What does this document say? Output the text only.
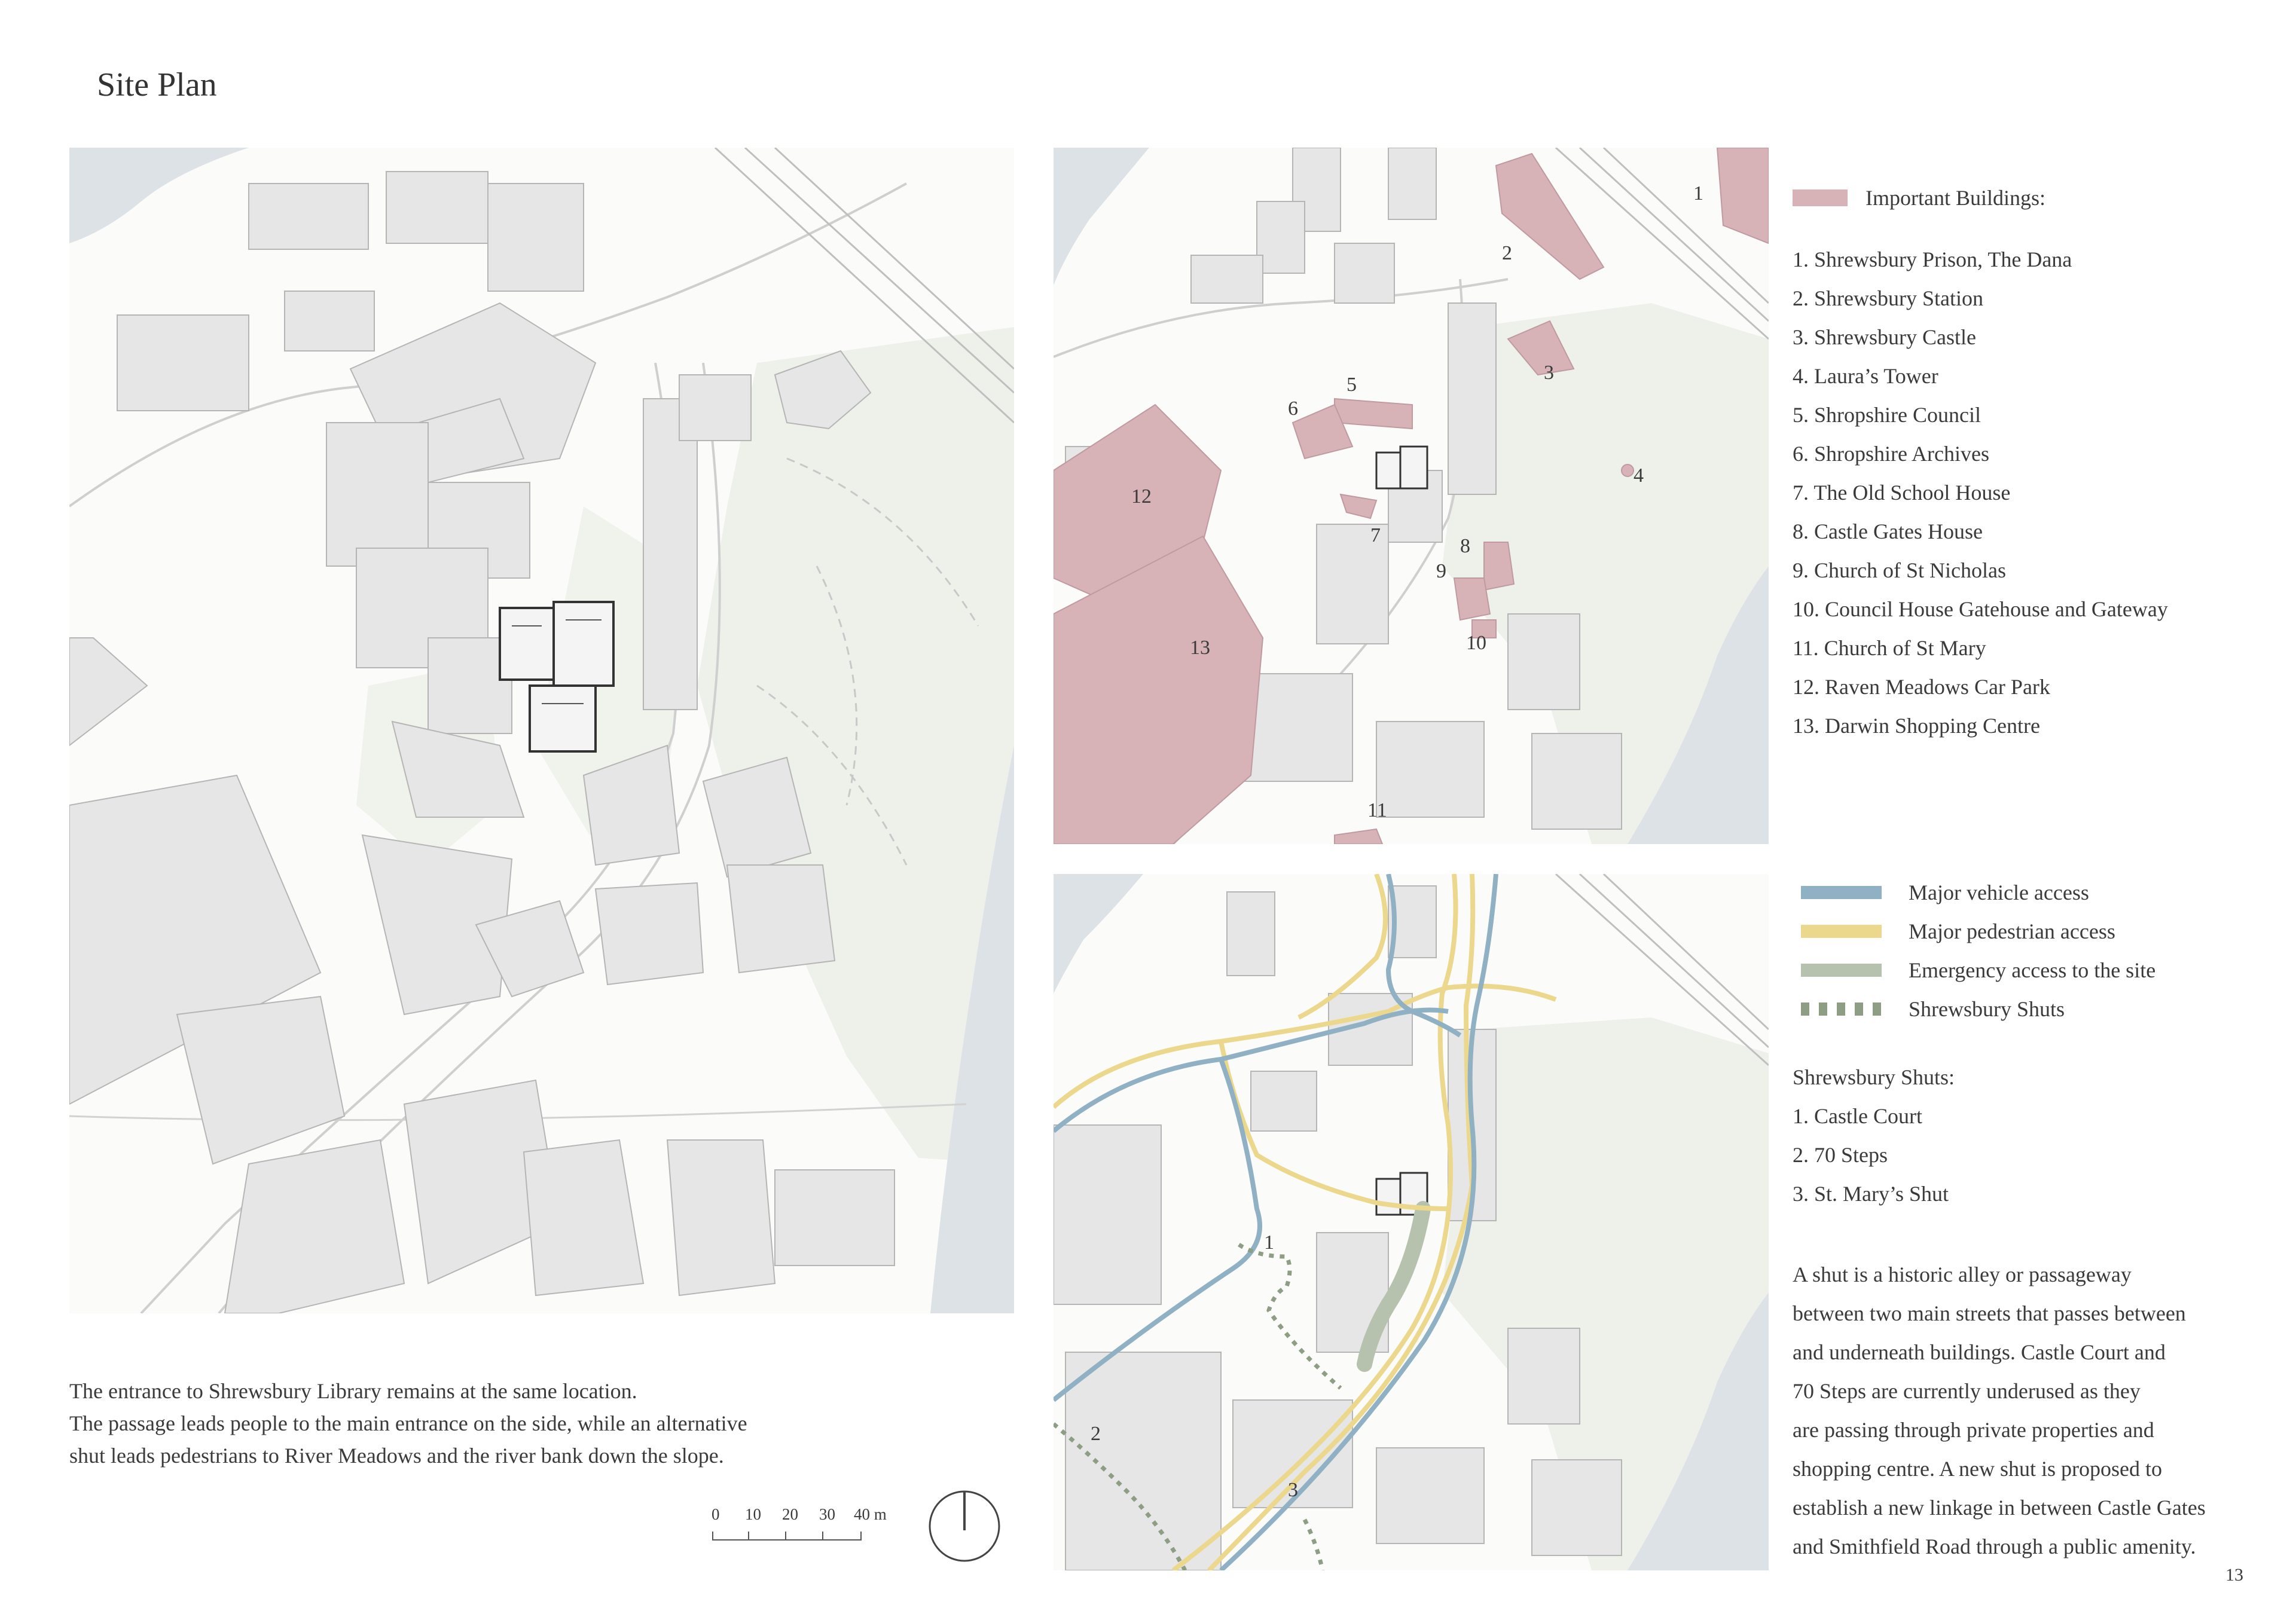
Site Plan
The entrance to Shrewsbury Library remains at the same location.
The passage leads people to the main entrance on the side, while an alternative
shut leads pedestrians to River Meadows and the river bank down the slope.
0 10 20 30 40 m
1
2
3
4
5
6
7	8
9
10
11
12
13
Important Buildings:
1. Shrewsbury Prison, The Dana
2. Shrewsbury Station
3. Shrewsbury Castle
4. Laura’s Tower
5. Shropshire Council
6. Shropshire Archives
7. The Old School House
8. Castle Gates House
9. Church of St Nicholas
10. Council House Gatehouse and Gateway
11. Church of St Mary
12. Raven Meadows Car Park
13. Darwin Shopping Centre
1
2
3
Major vehicle access
Major pedestrian access
Emergency access to the site
Shrewsbury Shuts
Shrewsbury Shuts:
1. Castle Court
2. 70 Steps
3. St. Mary’s Shut
A shut is a historic alley or passageway
between two main streets that passes between
and underneath buildings. Castle Court and
70 Steps are currently underused as they
are passing through private properties and
shopping centre. A new shut is proposed to
establish a new linkage in between Castle Gates
and Smithfield Road through a public amenity.
13
